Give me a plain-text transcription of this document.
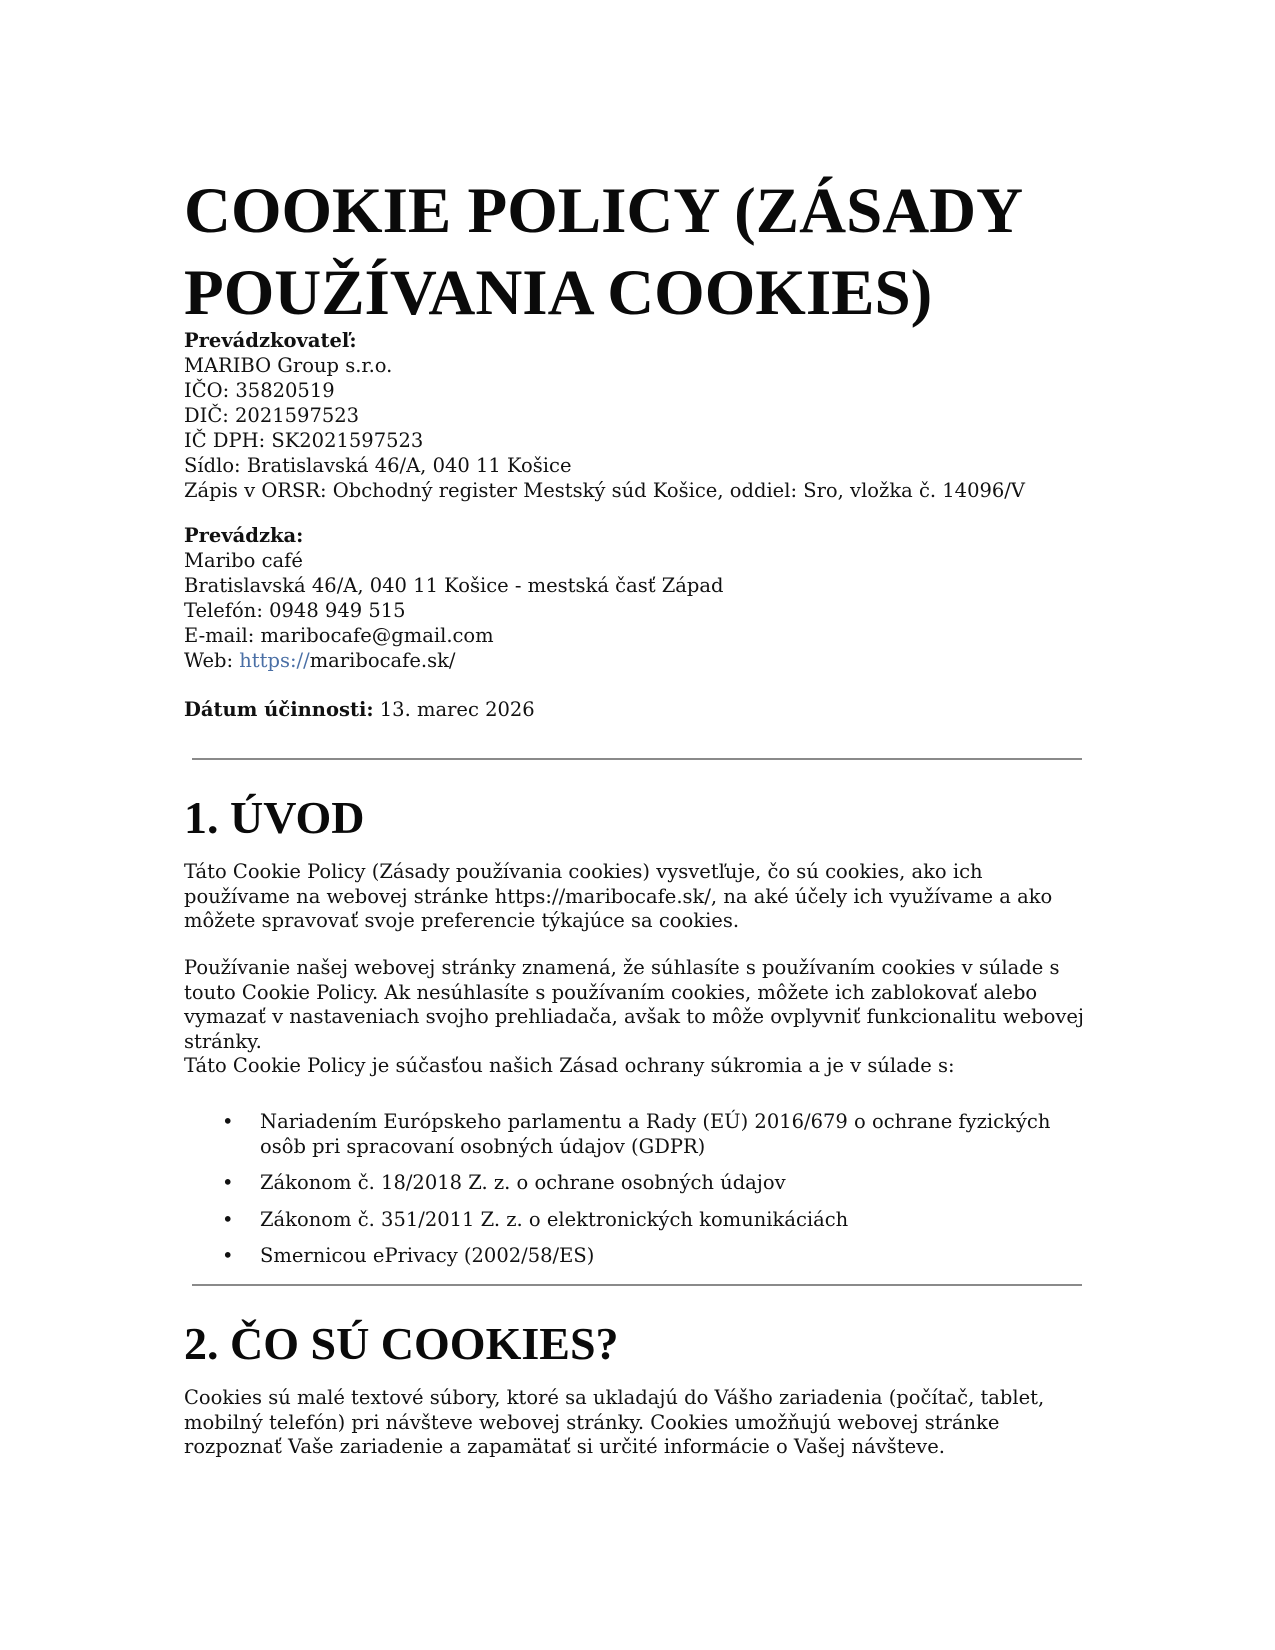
COOKIE POLICY (ZÁSADY
POUŽÍVANIA COOKIES)
Prevádzkovateľ:
MARIBO Group s.r.o.
IČO: 35820519
DIČ: 2021597523
IČ DPH: SK2021597523
Sídlo: Bratislavská 46/A, 040 11 Košice
Zápis v ORSR: Obchodný register Mestský súd Košice, oddiel: Sro, vložka č. 14096/V
Prevádzka:
Maribo café
Bratislavská 46/A, 040 11 Košice - mestská časť Západ
Telefón: 0948 949 515
E-mail: maribocafe@gmail.com
Web: https://maribocafe.sk/
Dátum účinnosti: 13. marec 2026
1. ÚVOD

Táto Cookie Policy (Zásady používania cookies) vysvetľuje, čo sú cookies, ako ich používame na webovej stránke https://maribocafe.sk/, na aké účely ich využívame a ako môžete spravovať svoje preferencie týkajúce sa cookies.

Používanie našej webovej stránky znamená, že súhlasíte s používaním cookies v súlade s touto Cookie Policy. Ak nesúhlasíte s používaním cookies, môžete ich zablokovať alebo vymazať v nastaveniach svojho prehliadača, avšak to môže ovplyvniť funkcionalitu webovej stránky.

Táto Cookie Policy je súčasťou našich Zásad ochrany súkromia a je v súlade s:

• Nariadením Európskeho parlamentu a Rady (EÚ) 2016/679 o ochrane fyzických osôb pri spracovaní osobných údajov (GDPR)
• Zákonom č. 18/2018 Z. z. o ochrane osobných údajov
• Zákonom č. 351/2011 Z. z. o elektronických komunikáciách
• Smernicou ePrivacy (2002/58/ES)
2. ČO SÚ COOKIES?

Cookies sú malé textové súbory, ktoré sa ukladajú do Vášho zariadenia (počítač, tablet, mobilný telefón) pri návšteve webovej stránky. Cookies umožňujú webovej stránke rozpoznať Vaše zariadenie a zapamätať si určité informácie o Vašej návšteve.
